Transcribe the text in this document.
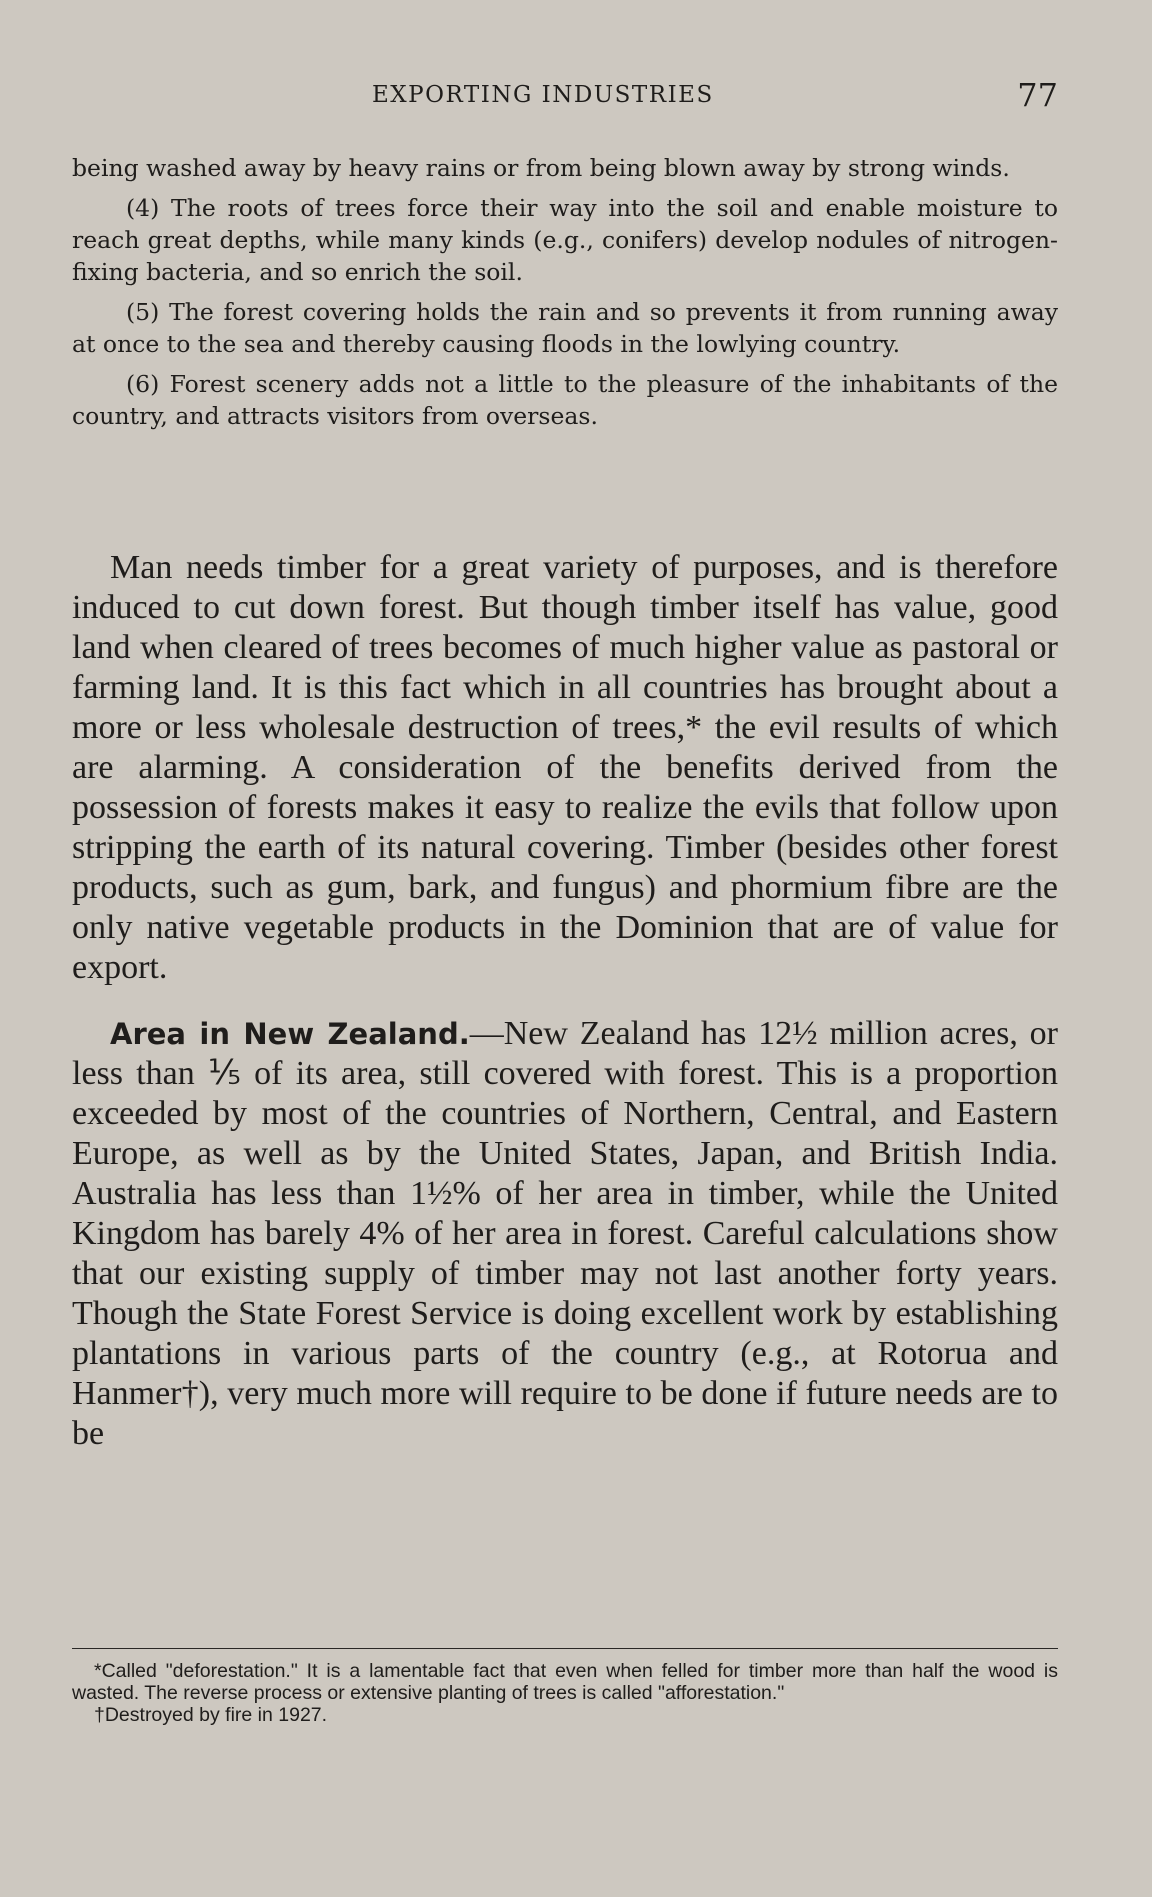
EXPORTING INDUSTRIES	77

being washed away by heavy rains or from being blown away by strong winds.

(4) The roots of trees force their way into the soil and enable moisture to reach great depths, while many kinds (e.g., conifers) develop nodules of nitrogen-fixing bacteria, and so enrich the soil.

(5) The forest covering holds the rain and so prevents it from running away at once to the sea and thereby causing floods in the lowlying country.

(6) Forest scenery adds not a little to the pleasure of the inhabitants of the country, and attracts visitors from overseas.

Man needs timber for a great variety of purposes, and is therefore induced to cut down forest. But though timber itself has value, good land when cleared of trees becomes of much higher value as pastoral or farming land. It is this fact which in all countries has brought about a more or less wholesale destruction of trees,* the evil results of which are alarming. A consideration of the benefits derived from the possession of forests makes it easy to realize the evils that follow upon stripping the earth of its natural covering. Timber (besides other forest products, such as gum, bark, and fungus) and phormium fibre are the only native vegetable products in the Dominion that are of value for export.

Area in New Zealand.—New Zealand has 12½ million acres, or less than ⅕ of its area, still covered with forest. This is a proportion exceeded by most of the countries of Northern, Central, and Eastern Europe, as well as by the United States, Japan, and British India. Australia has less than 1½% of her area in timber, while the United Kingdom has barely 4% of her area in forest. Careful calculations show that our existing supply of timber may not last another forty years. Though the State Forest Service is doing excellent work by establishing plantations in various parts of the country (e.g., at Rotorua and Hanmer†), very much more will require to be done if future needs are to be

*Called "deforestation." It is a lamentable fact that even when felled for timber more than half the wood is wasted. The reverse process or extensive planting of trees is called "afforestation."

†Destroyed by fire in 1927.
